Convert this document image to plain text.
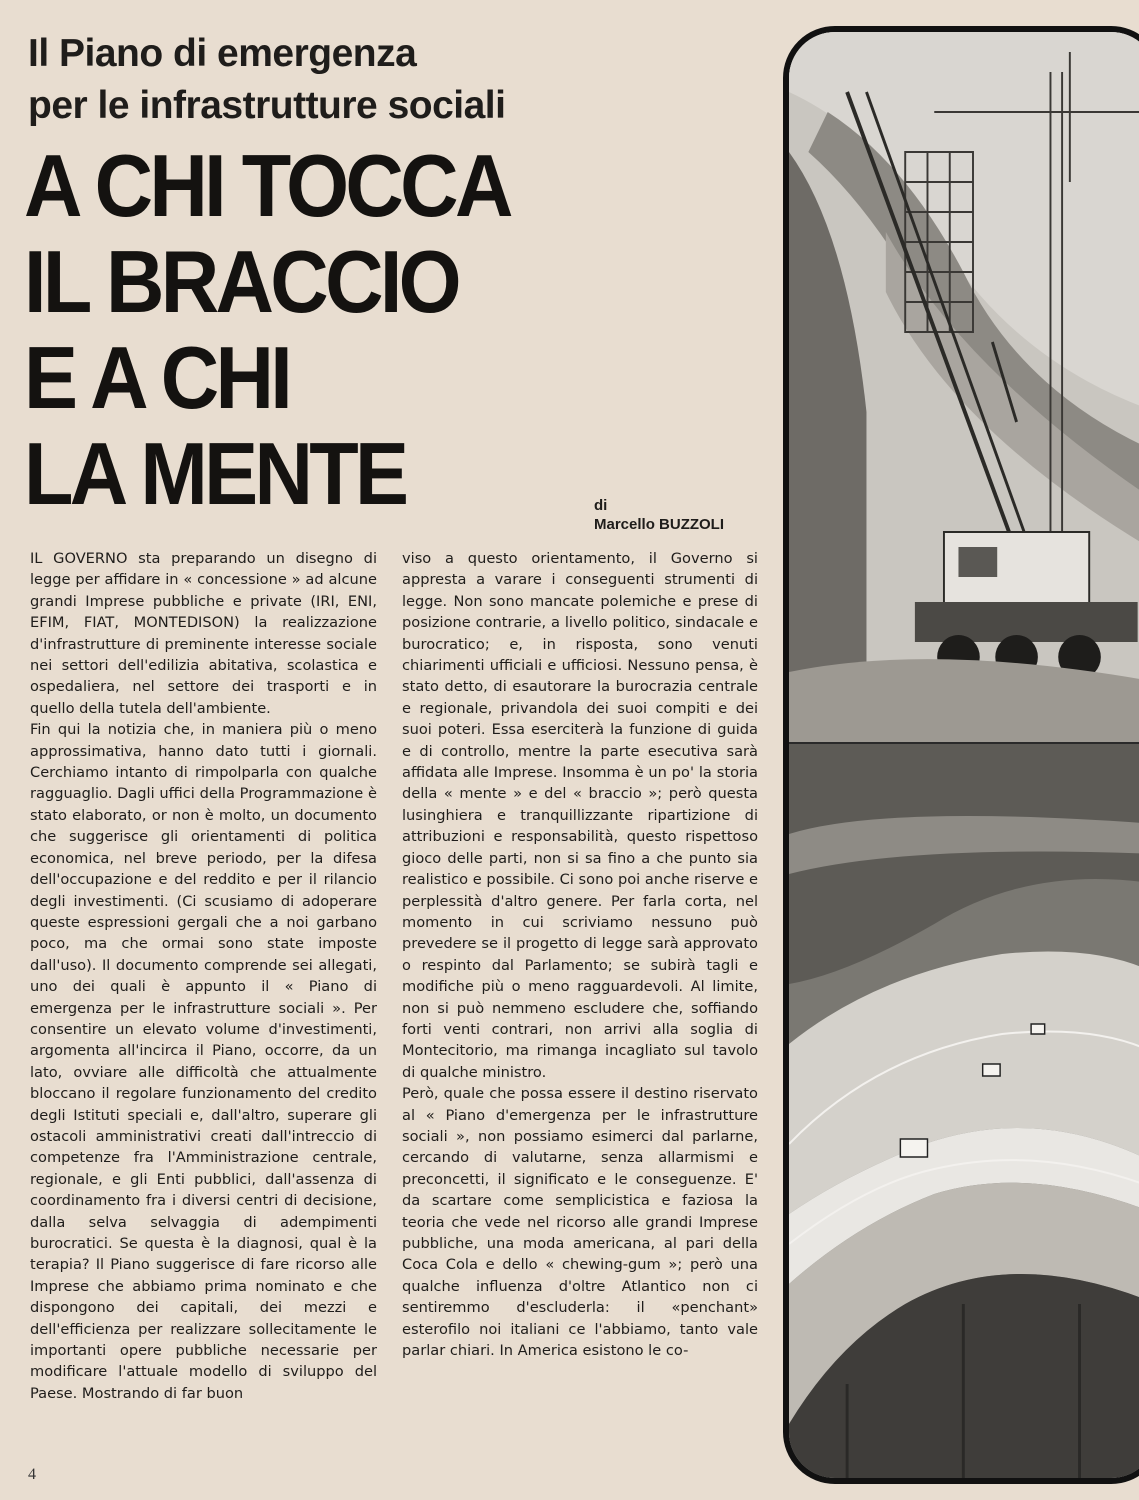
Il Piano di emergenza
per le infrastrutture sociali
A CHI TOCCA
IL BRACCIO
E A CHI
LA MENTE	di
Marcello BUZZOLI

IL GOVERNO sta preparando un disegno di legge per affidare in « concessione » ad alcune grandi Imprese pubbliche e private (IRI, ENI, EFIM, FIAT, MONTEDISON) la realizzazione d'infrastrutture di preminente interesse sociale nei settori dell'edilizia abitativa, scolastica e ospedaliera, nel settore dei trasporti e in quello della tutela dell'ambiente.

Fin qui la notizia che, in maniera più o meno approssimativa, hanno dato tutti i giornali. Cerchiamo intanto di rimpolparla con qualche ragguaglio. Dagli uffici della Programmazione è stato elaborato, or non è molto, un documento che suggerisce gli orientamenti di politica economica, nel breve periodo, per la difesa dell'occupazione e del reddito e per il rilancio degli investimenti. (Ci scusiamo di adoperare queste espressioni gergali che a noi garbano poco, ma che ormai sono state imposte dall'uso). Il documento comprende sei allegati, uno dei quali è appunto il « Piano di emergenza per le infrastrutture sociali ». Per consentire un elevato volume d'investimenti, argomenta all'incirca il Piano, occorre, da un lato, ovviare alle difficoltà che attualmente bloccano il regolare funzionamento del credito degli Istituti speciali e, dall'altro, superare gli ostacoli amministrativi creati dall'intreccio di competenze fra l'Amministrazione centrale, regionale, e gli Enti pubblici, dall'assenza di coordinamento fra i diversi centri di decisione, dalla selva selvaggia di adempimenti burocratici. Se questa è la diagnosi, qual è la terapia? Il Piano suggerisce di fare ricorso alle Imprese che abbiamo prima nominato e che dispongono dei capitali, dei mezzi e dell'efficienza per realizzare sollecitamente le importanti opere pubbliche necessarie per modificare l'attuale modello di sviluppo del Paese. Mostrando di far buon

viso a questo orientamento, il Governo si appresta a varare i conseguenti strumenti di legge. Non sono mancate polemiche e prese di posizione contrarie, a livello politico, sindacale e burocratico; e, in risposta, sono venuti chiarimenti ufficiali e ufficiosi. Nessuno pensa, è stato detto, di esautorare la burocrazia centrale e regionale, privandola dei suoi compiti e dei suoi poteri. Essa eserciterà la funzione di guida e di controllo, mentre la parte esecutiva sarà affidata alle Imprese. Insomma è un po' la storia della « mente » e del « braccio »; però questa lusinghiera e tranquillizzante ripartizione di attribuzioni e responsabilità, questo rispettoso gioco delle parti, non si sa fino a che punto sia realistico e possibile. Ci sono poi anche riserve e perplessità d'altro genere. Per farla corta, nel momento in cui scriviamo nessuno può prevedere se il progetto di legge sarà approvato o respinto dal Parlamento; se subirà tagli e modifiche più o meno ragguardevoli. Al limite, non si può nemmeno escludere che, soffiando forti venti contrari, non arrivi alla soglia di Montecitorio, ma rimanga incagliato sul tavolo di qualche ministro.

Però, quale che possa essere il destino riservato al « Piano d'emergenza per le infrastrutture sociali », non possiamo esimerci dal parlarne, cercando di valutarne, senza allarmismi e preconcetti, il significato e le conseguenze. E' da scartare come semplicistica e faziosa la teoria che vede nel ricorso alle grandi Imprese pubbliche, una moda americana, al pari della Coca Cola e dello « chewing-gum »; però una qualche influenza d'oltre Atlantico non ci sentiremmo d'escluderla: il «penchant» esterofilo noi italiani ce l'abbiamo, tanto vale parlar chiari. In America esistono le co-

4
